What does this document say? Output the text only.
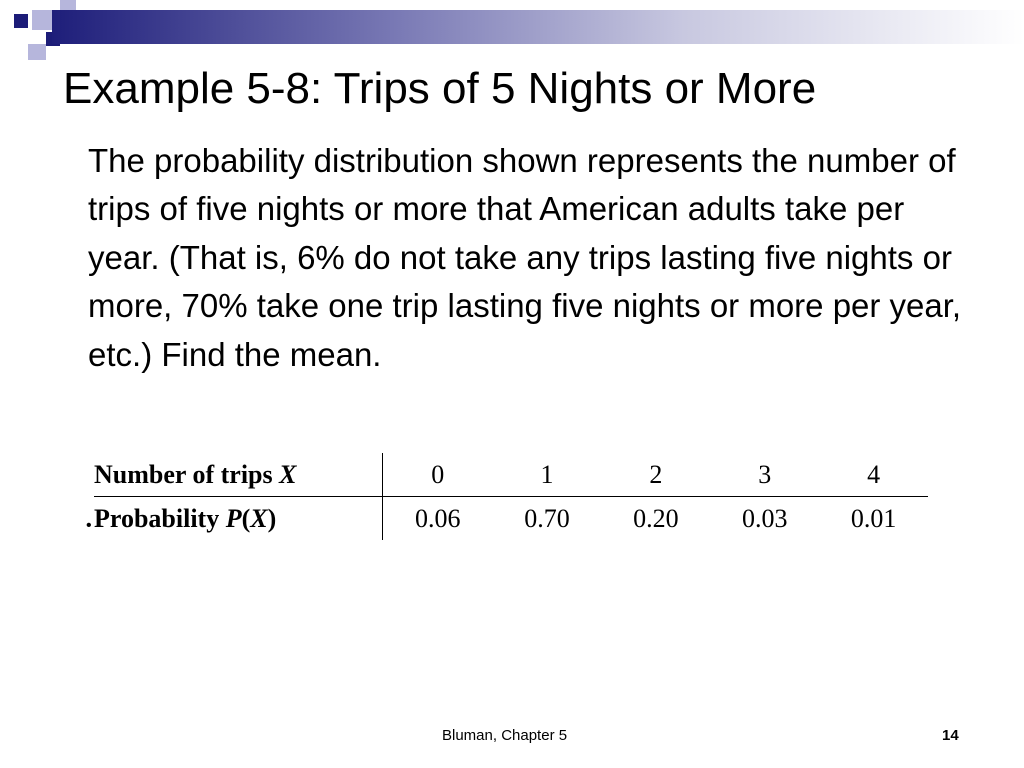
Example 5-8: Trips of 5 Nights or More

The probability distribution shown represents the number of trips of five nights or more that American adults take per year. (That is, 6% do not take any trips lasting five nights or more, 70% take one trip lasting five nights or more per year, etc.) Find the mean.

•
Number of trips X	0	1	2	3	4
Probability P(X)	0.06	0.70	0.20	0.03	0.01
Bluman, Chapter 5	14
